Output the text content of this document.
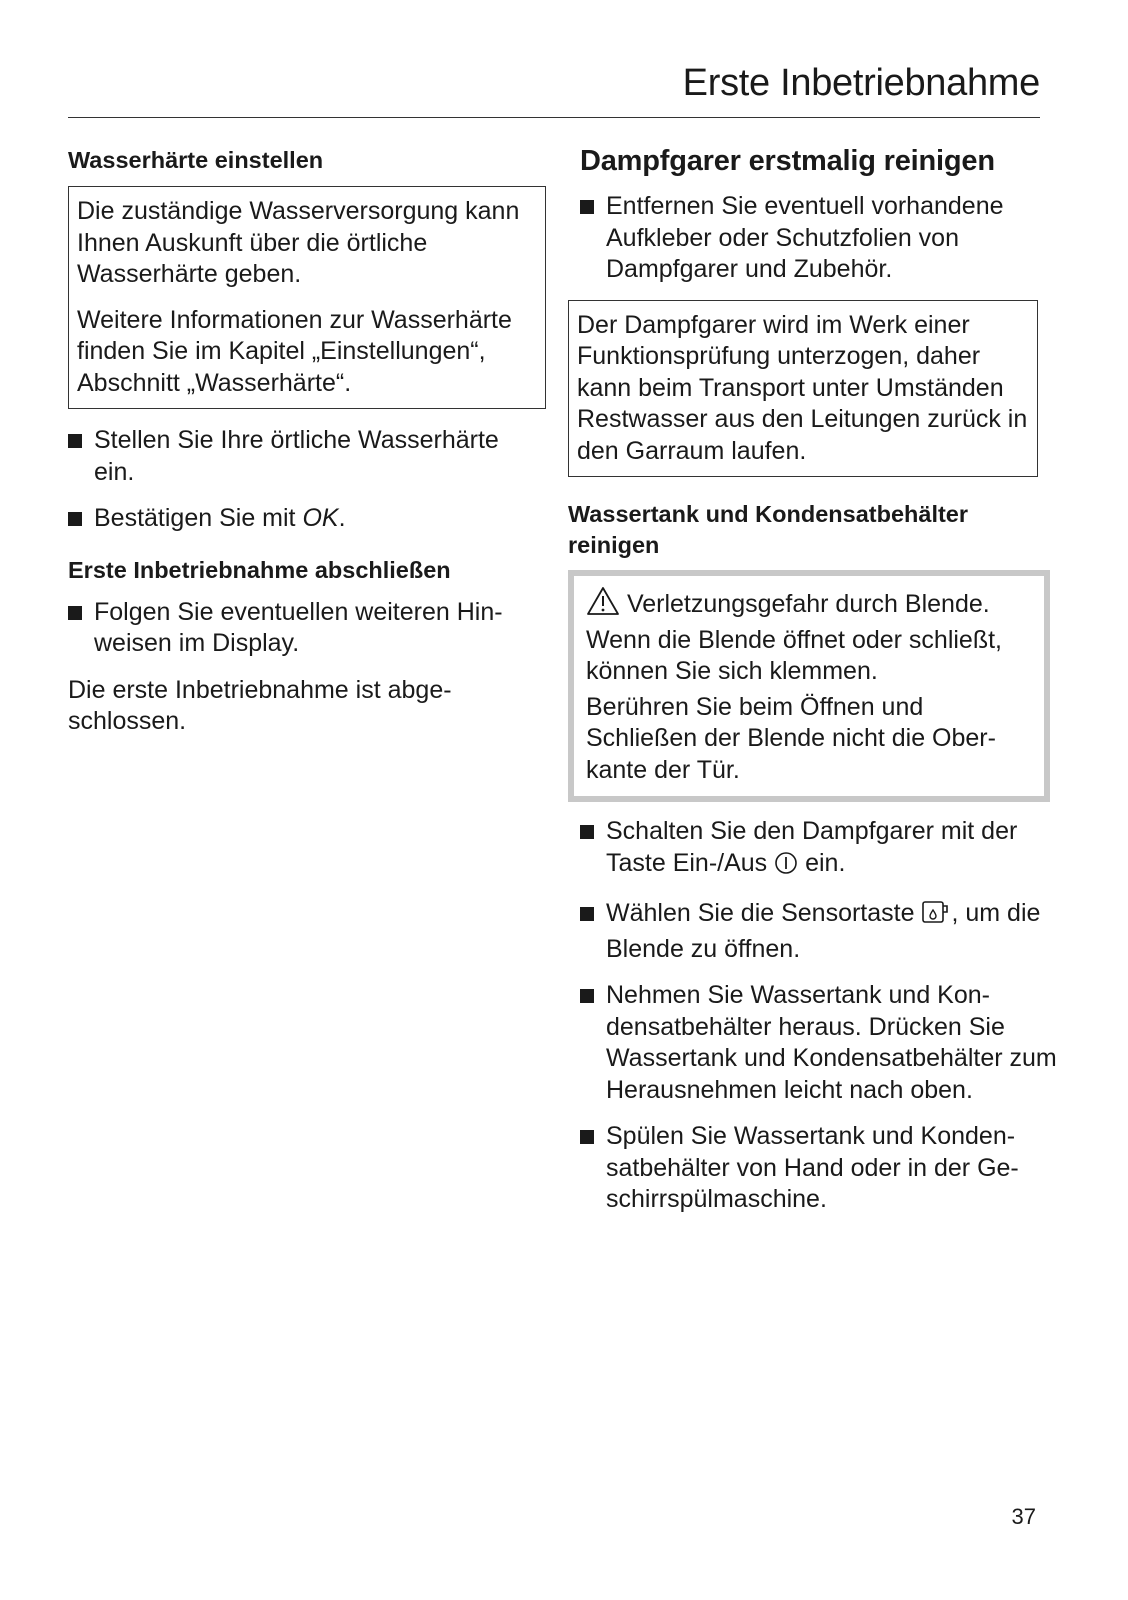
Erste Inbetriebnahme
Wasserhärte einstellen

Die zuständige Wasserversorgung kann Ihnen Auskunft über die örtliche Wasserhärte geben.

Weitere Informationen zur Wasserhärte finden Sie im Kapitel „Einstellungen“, Abschnitt „Wasserhärte“.

Stellen Sie Ihre örtliche Wasserhärte ein.
Bestätigen Sie mit OK.
Erste Inbetriebnahme abschließen
Folgen Sie eventuellen weiteren Hinweisen im Display.

Die erste Inbetriebnahme ist abgeschlossen.

Dampfgarer erstmalig reinigen
Entfernen Sie eventuell vorhandene Aufkleber oder Schutzfolien von Dampfgarer und Zubehör.

Der Dampfgarer wird im Werk einer Funktionsprüfung unterzogen, daher kann beim Transport unter Umständen Restwasser aus den Leitungen zurück in den Garraum laufen.

Wassertank und Kondensatbehälter reinigen

Verletzungsgefahr durch Blende. Wenn die Blende öffnet oder schließt, können Sie sich klemmen.

Berühren Sie beim Öffnen und Schließen der Blende nicht die Oberkante der Tür.

Schalten Sie den Dampfgarer mit der Taste Ein-/Aus  ein.
Wählen Sie die Sensortaste , um die Blende zu öffnen.
Nehmen Sie Wassertank und Kondensatbehälter heraus. Drücken Sie Wassertank und Kondensatbehälter zum Herausnehmen leicht nach oben.
Spülen Sie Wassertank und Kondensatbehälter von Hand oder in der Geschirrspülmaschine.
37
